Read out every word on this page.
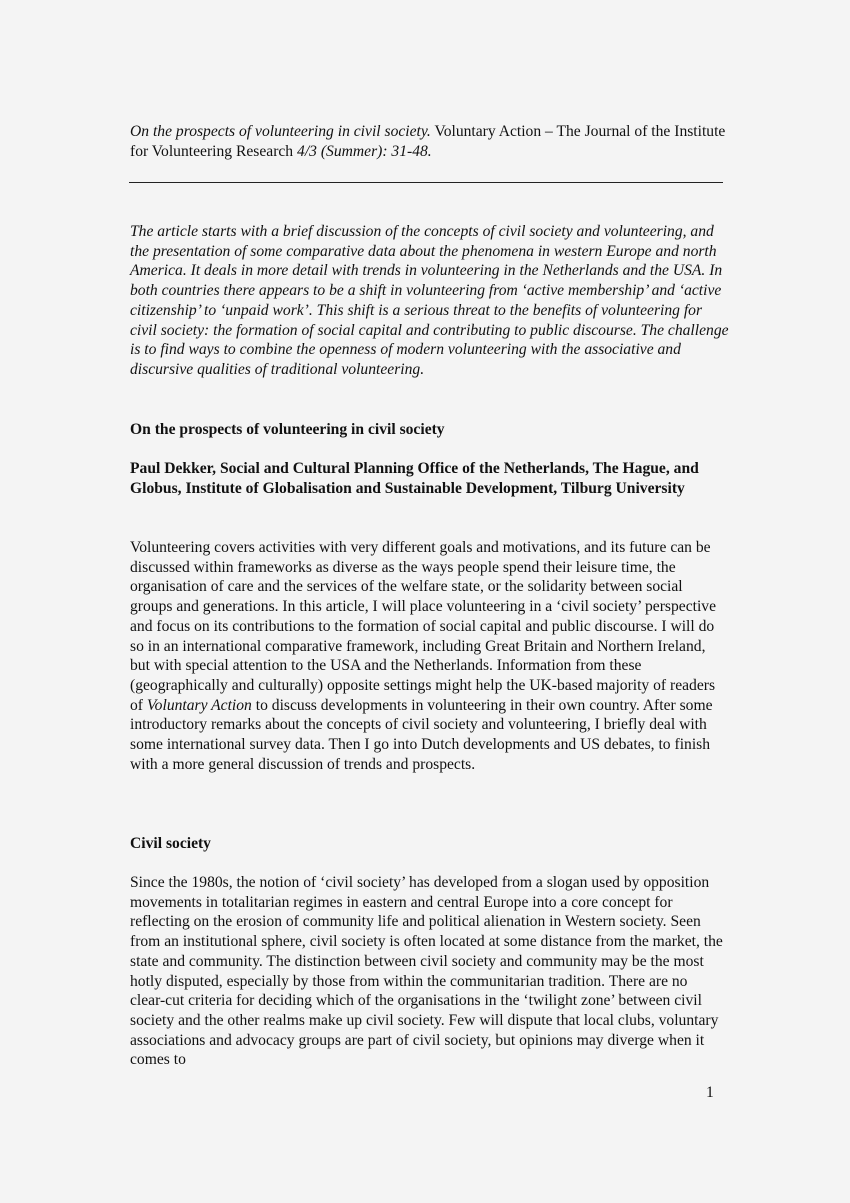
On the prospects of volunteering in civil society. Voluntary Action – The Journal of the Institute for Volunteering Research 4/3 (Summer): 31-48.

The article starts with a brief discussion of the concepts of civil society and volunteering, and the presentation of some comparative data about the phenomena in western Europe and north America. It deals in more detail with trends in volunteering in the Netherlands and the USA. In both countries there appears to be a shift in volunteering from ‘active membership’ and ‘active citizenship’ to ‘unpaid work’. This shift is a serious threat to the benefits of volunteering for civil society: the formation of social capital and contributing to public discourse. The challenge is to find ways to combine the openness of modern volunteering with the associative and discursive qualities of traditional volunteering.

On the prospects of volunteering in civil society

Paul Dekker, Social and Cultural Planning Office of the Netherlands, The Hague, and Globus, Institute of Globalisation and Sustainable Development, Tilburg University

Volunteering covers activities with very different goals and motivations, and its future can be discussed within frameworks as diverse as the ways people spend their leisure time, the organisation of care and the services of the welfare state, or the solidarity between social groups and generations. In this article, I will place volunteering in a ‘civil society’ perspective and focus on its contributions to the formation of social capital and public discourse. I will do so in an international comparative framework, including Great Britain and Northern Ireland, but with special attention to the USA and the Netherlands. Information from these (geographically and culturally) opposite settings might help the UK-based majority of readers of Voluntary Action to discuss developments in volunteering in their own country. After some introductory remarks about the concepts of civil society and volunteering, I briefly deal with some international survey data. Then I go into Dutch developments and US debates, to finish with a more general discussion of trends and prospects.

Civil society

Since the 1980s, the notion of ‘civil society’ has developed from a slogan used by opposition movements in totalitarian regimes in eastern and central Europe into a core concept for reflecting on the erosion of community life and political alienation in Western society. Seen from an institutional sphere, civil society is often located at some distance from the market, the state and community. The distinction between civil society and community may be the most hotly disputed, especially by those from within the communitarian tradition. There are no clear-cut criteria for deciding which of the organisations in the ‘twilight zone’ between civil society and the other realms make up civil society. Few will dispute that local clubs, voluntary associations and advocacy groups are part of civil society, but opinions may diverge when it comes to

1
